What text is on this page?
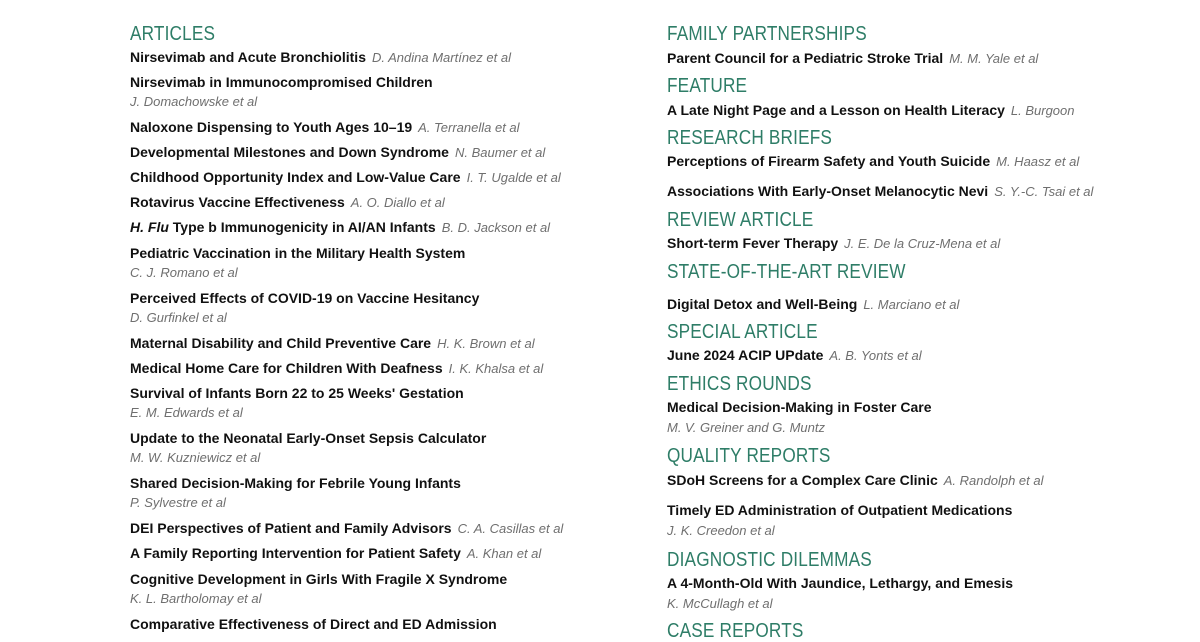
ARTICLES
Nirsevimab and Acute Bronchiolitis D. Andina Martínez et al
Nirsevimab in Immunocompromised Children
J. Domachowske et al
Naloxone Dispensing to Youth Ages 10–19 A. Terranella et al
Developmental Milestones and Down Syndrome N. Baumer et al
Childhood Opportunity Index and Low-Value Care I. T. Ugalde et al
Rotavirus Vaccine Effectiveness A. O. Diallo et al
H. Flu Type b Immunogenicity in AI/AN Infants B. D. Jackson et al
Pediatric Vaccination in the Military Health System
C. J. Romano et al
Perceived Effects of COVID-19 on Vaccine Hesitancy
D. Gurfinkel et al
Maternal Disability and Child Preventive Care H. K. Brown et al
Medical Home Care for Children With Deafness I. K. Khalsa et al
Survival of Infants Born 22 to 25 Weeks' Gestation
E. M. Edwards et al
Update to the Neonatal Early-Onset Sepsis Calculator
M. W. Kuzniewicz et al
Shared Decision-Making for Febrile Young Infants
P. Sylvestre et al
DEI Perspectives of Patient and Family Advisors C. A. Casillas et al
A Family Reporting Intervention for Patient Safety A. Khan et al
Cognitive Development in Girls With Fragile X Syndrome
K. L. Bartholomay et al
Comparative Effectiveness of Direct and ED Admission
FAMILY PARTNERSHIPS
Parent Council for a Pediatric Stroke Trial M. M. Yale et al
FEATURE
A Late Night Page and a Lesson on Health Literacy L. Burgoon
RESEARCH BRIEFS
Perceptions of Firearm Safety and Youth Suicide M. Haasz et al
Associations With Early-Onset Melanocytic Nevi S. Y.-C. Tsai et al
REVIEW ARTICLE
Short-term Fever Therapy J. E. De la Cruz-Mena et al
STATE-OF-THE-ART REVIEW
Digital Detox and Well-Being L. Marciano et al
SPECIAL ARTICLE
June 2024 ACIP UPdate A. B. Yonts et al
ETHICS ROUNDS
Medical Decision-Making in Foster Care
M. V. Greiner and G. Muntz
QUALITY REPORTS
SDoH Screens for a Complex Care Clinic A. Randolph et al
Timely ED Administration of Outpatient Medications
J. K. Creedon et al
DIAGNOSTIC DILEMMAS
A 4-Month-Old With Jaundice, Lethargy, and Emesis
K. McCullagh et al
CASE REPORTS
